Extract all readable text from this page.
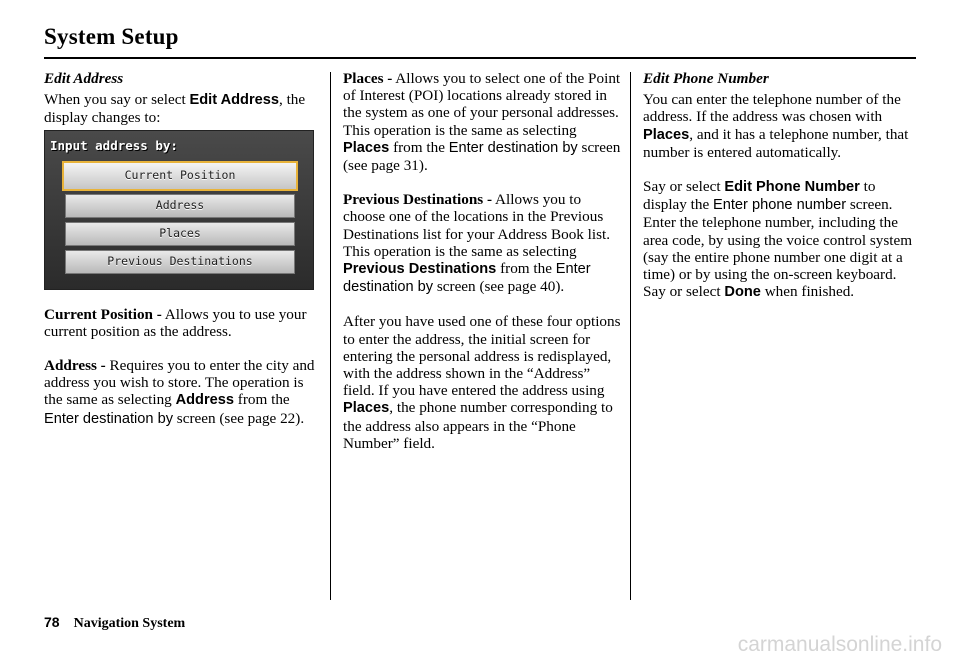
System Setup

Edit Address

When you say or select Edit Address, the display changes to:

Input address by:
Current Position
Address
Places
Previous Destinations

Current Position - Allows you to use your current position as the address.

Address - Requires you to enter the city and address you wish to store. The operation is the same as selecting Address from the Enter destination by screen (see page 22).

Places - Allows you to select one of the Point of Interest (POI) locations already stored in the system as one of your personal addresses. This operation is the same as selecting Places from the Enter destination by screen (see page 31).

Previous Destinations - Allows you to choose one of the locations in the Previous Destinations list for your Address Book list. This operation is the same as selecting Previous Destinations from the Enter destination by screen (see page 40).

After you have used one of these four options to enter the address, the initial screen for entering the personal address is redisplayed, with the address shown in the “Address” field. If you have entered the address using Places, the phone number corresponding to the address also appears in the “Phone Number” field.

Edit Phone Number

You can enter the telephone number of the address. If the address was chosen with Places, and it has a telephone number, that number is entered automatically.

Say or select Edit Phone Number to display the Enter phone number screen. Enter the telephone number, including the area code, by using the voice control system (say the entire phone number one digit at a time) or by using the on-screen keyboard. Say or select Done when finished.

78 Navigation System
carmanualsonline.info
